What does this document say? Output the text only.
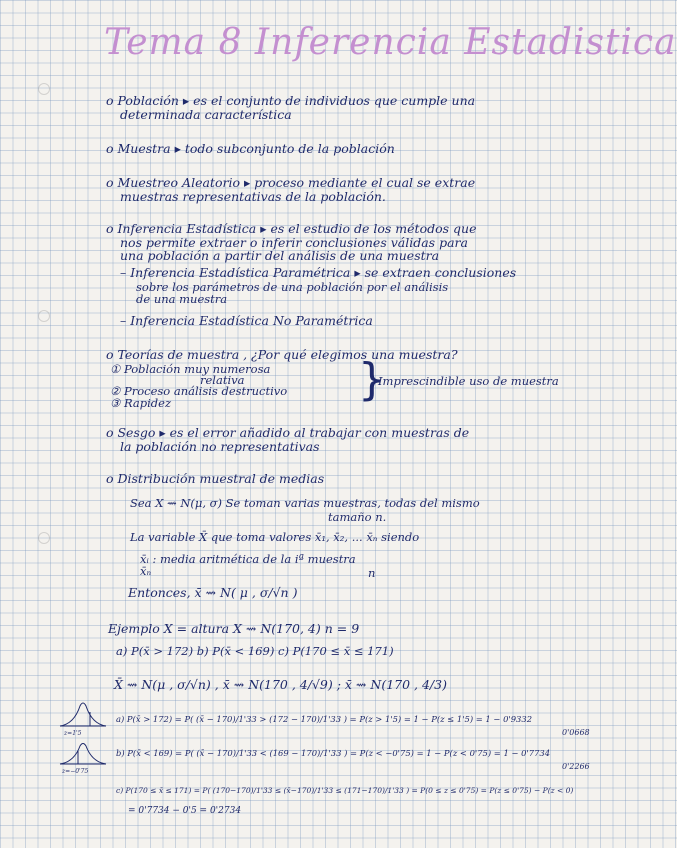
Tema 8 Inferencia Estadistica
o Población ▸ es el conjunto de individuos que cumple una
determinada característica
o Muestra ▸ todo subconjunto de la población
o Muestreo Aleatorio ▸ proceso mediante el cual se extrae
muestras representativas de la población.
o Inferencia Estadística ▸ es el estudio de los métodos que
nos permite extraer o inferir conclusiones válidas para
una población a partir del análisis de una muestra
– Inferencia Estadística Paramétrica ▸ se extraen conclusiones
sobre los parámetros de una población por el análisis
de una muestra
– Inferencia Estadística No Paramétrica
o Teorías de muestra , ¿Por qué elegimos una muestra?
① Población muy numerosa
relativa
② Proceso análisis destructivo
③ Rapidez	}
Imprescindible uso de muestra
o Sesgo ▸ es el error añadido al trabajar con muestras de
la población no representativas
o Distribución muestral de medias
Sea X ⇝ N(μ, σ) Se toman varias muestras, todas del mismo
tamaño n.
La variable X̄ que toma valores x̄₁, x̄₂, ... x̄ₙ siendo
x̄ᵢ : media aritmética de la iª muestra
x̄ₙ	n
Entonces, x̄ ⇝ N( μ , σ/√n )
Ejemplo X = altura X ⇝ N(170, 4) n = 9
a) P(x̄ > 172) b) P(x̄ < 169) c) P(170 ≤ x̄ ≤ 171)
X̄ ⇝ N(μ , σ/√n) , x̄ ⇝ N(170 , 4/√9) ; x̄ ⇝ N(170 , 4/3)
z=1'5
z=−0'75
a) P(x̄ > 172) = P( (x̄ − 170)/1'33 > (172 − 170)/1'33 ) = P(z > 1'5) = 1 − P(z ≤ 1'5) = 1 − 0'9332
0'0668
b) P(x̄ < 169) = P( (x̄ − 170)/1'33 < (169 − 170)/1'33 ) = P(z < −0'75) = 1 − P(z < 0'75) = 1 − 0'7734
0'2266
c) P(170 ≤ x̄ ≤ 171) = P( (170−170)/1'33 ≤ (x̄−170)/1'33 ≤ (171−170)/1'33 ) = P(0 ≤ z ≤ 0'75) = P(z ≤ 0'75) − P(z < 0)
= 0'7734 − 0'5 = 0'2734
